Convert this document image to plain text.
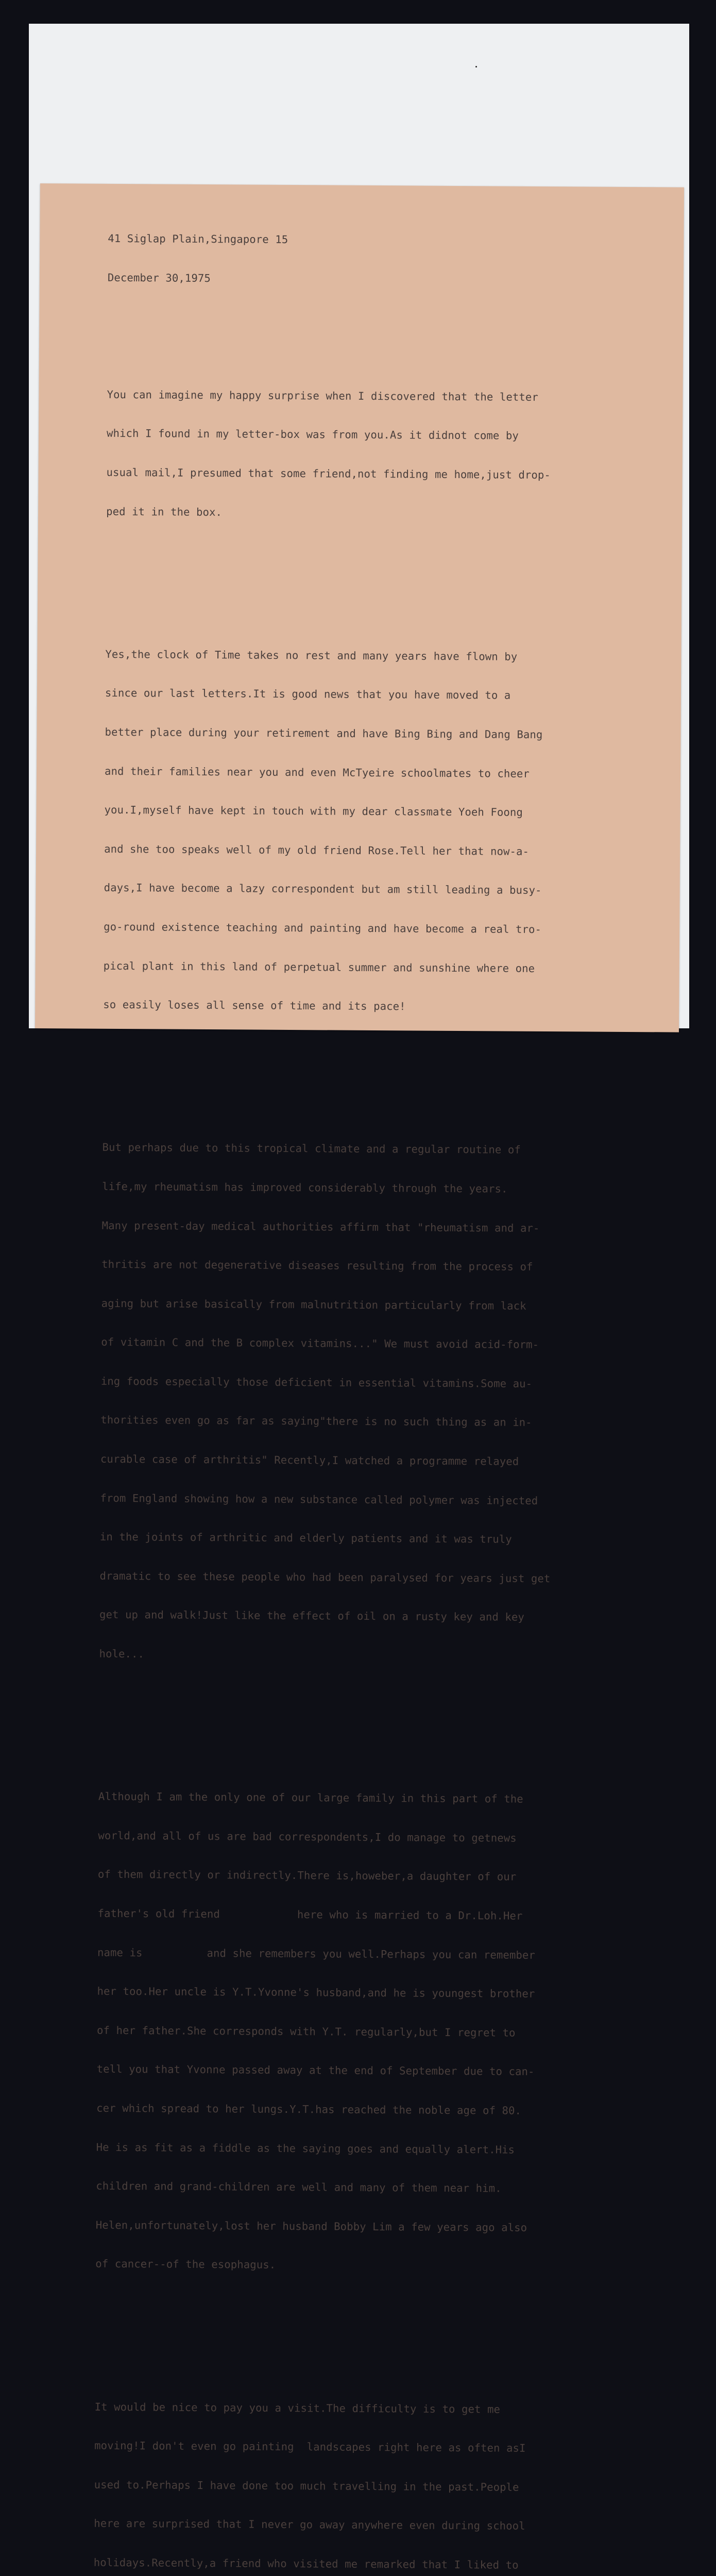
41 Siglap Plain,Singapore 15

December 30,1975

You can imagine my happy surprise when I discovered that the letter

which I found in my letter-box was from you.As it didnot come by

usual mail,I presumed that some friend,not finding me home,just drop-

ped it in the box.

Yes,the clock of Time takes no rest and many years have flown by

since our last letters.It is good news that you have moved to a

better place during your retirement and have Bing Bing and Dang Bang

and their families near you and even McTyeire schoolmates to cheer

you.I,myself have kept in touch with my dear classmate Yoeh Foong

and she too speaks well of my old friend Rose.Tell her that now-a-

days,I have become a lazy correspondent but am still leading a busy-

go-round existence teaching and painting and have become a real tro-

pical plant in this land of perpetual summer and sunshine where one

so easily loses all sense of time and its pace!

But perhaps due to this tropical climate and a regular routine of

life,my rheumatism has improved considerably through the years.

Many present-day medical authorities affirm that "rheumatism and ar-

thritis are not degenerative diseases resulting from the process of

aging but arise basically from malnutrition particularly from lack

of vitamin C and the B complex vitamins..." We must avoid acid-form-

ing foods especially those deficient in essential vitamins.Some au-

thorities even go as far as saying"there is no such thing as an in-

curable case of arthritis" Recently,I watched a programme relayed

from England showing how a new substance called polymer was injected

in the joints of arthritic and elderly patients and it was truly

dramatic to see these people who had been paralysed for years just get

get up and walk!Just like the effect of oil on a rusty key and key

hole...

Although I am the only one of our large family in this part of the

world,and all of us are bad correspondents,I do manage to getnews

of them directly or indirectly.There is,howeber,a daughter of our

father's old friend            here who is married to a Dr.Loh.Her

name is          and she remembers you well.Perhaps you can remember

her too.Her uncle is Y.T.Yvonne's husband,and he is youngest brother

of her father.She corresponds with Y.T. regularly,but I regret to

tell you that Yvonne passed away at the end of September due to can-

cer which spread to her lungs.Y.T.has reached the noble age of 80.

He is as fit as a fiddle as the saying goes and equally alert.His

children and grand-children are well and many of them near him.

Helen,unfortunately,lost her husband Bobby Lim a few years ago also

of cancer--of the esophagus.

It would be nice to pay you a visit.The difficulty is to get me

moving!I don't even go painting  landscapes right here as often asI

used to.Perhaps I have done too much travelling in the past.People

here are surprised that I never go away anywhere even during school

holidays.Recently,a friend who visited me remarked that I liked to
